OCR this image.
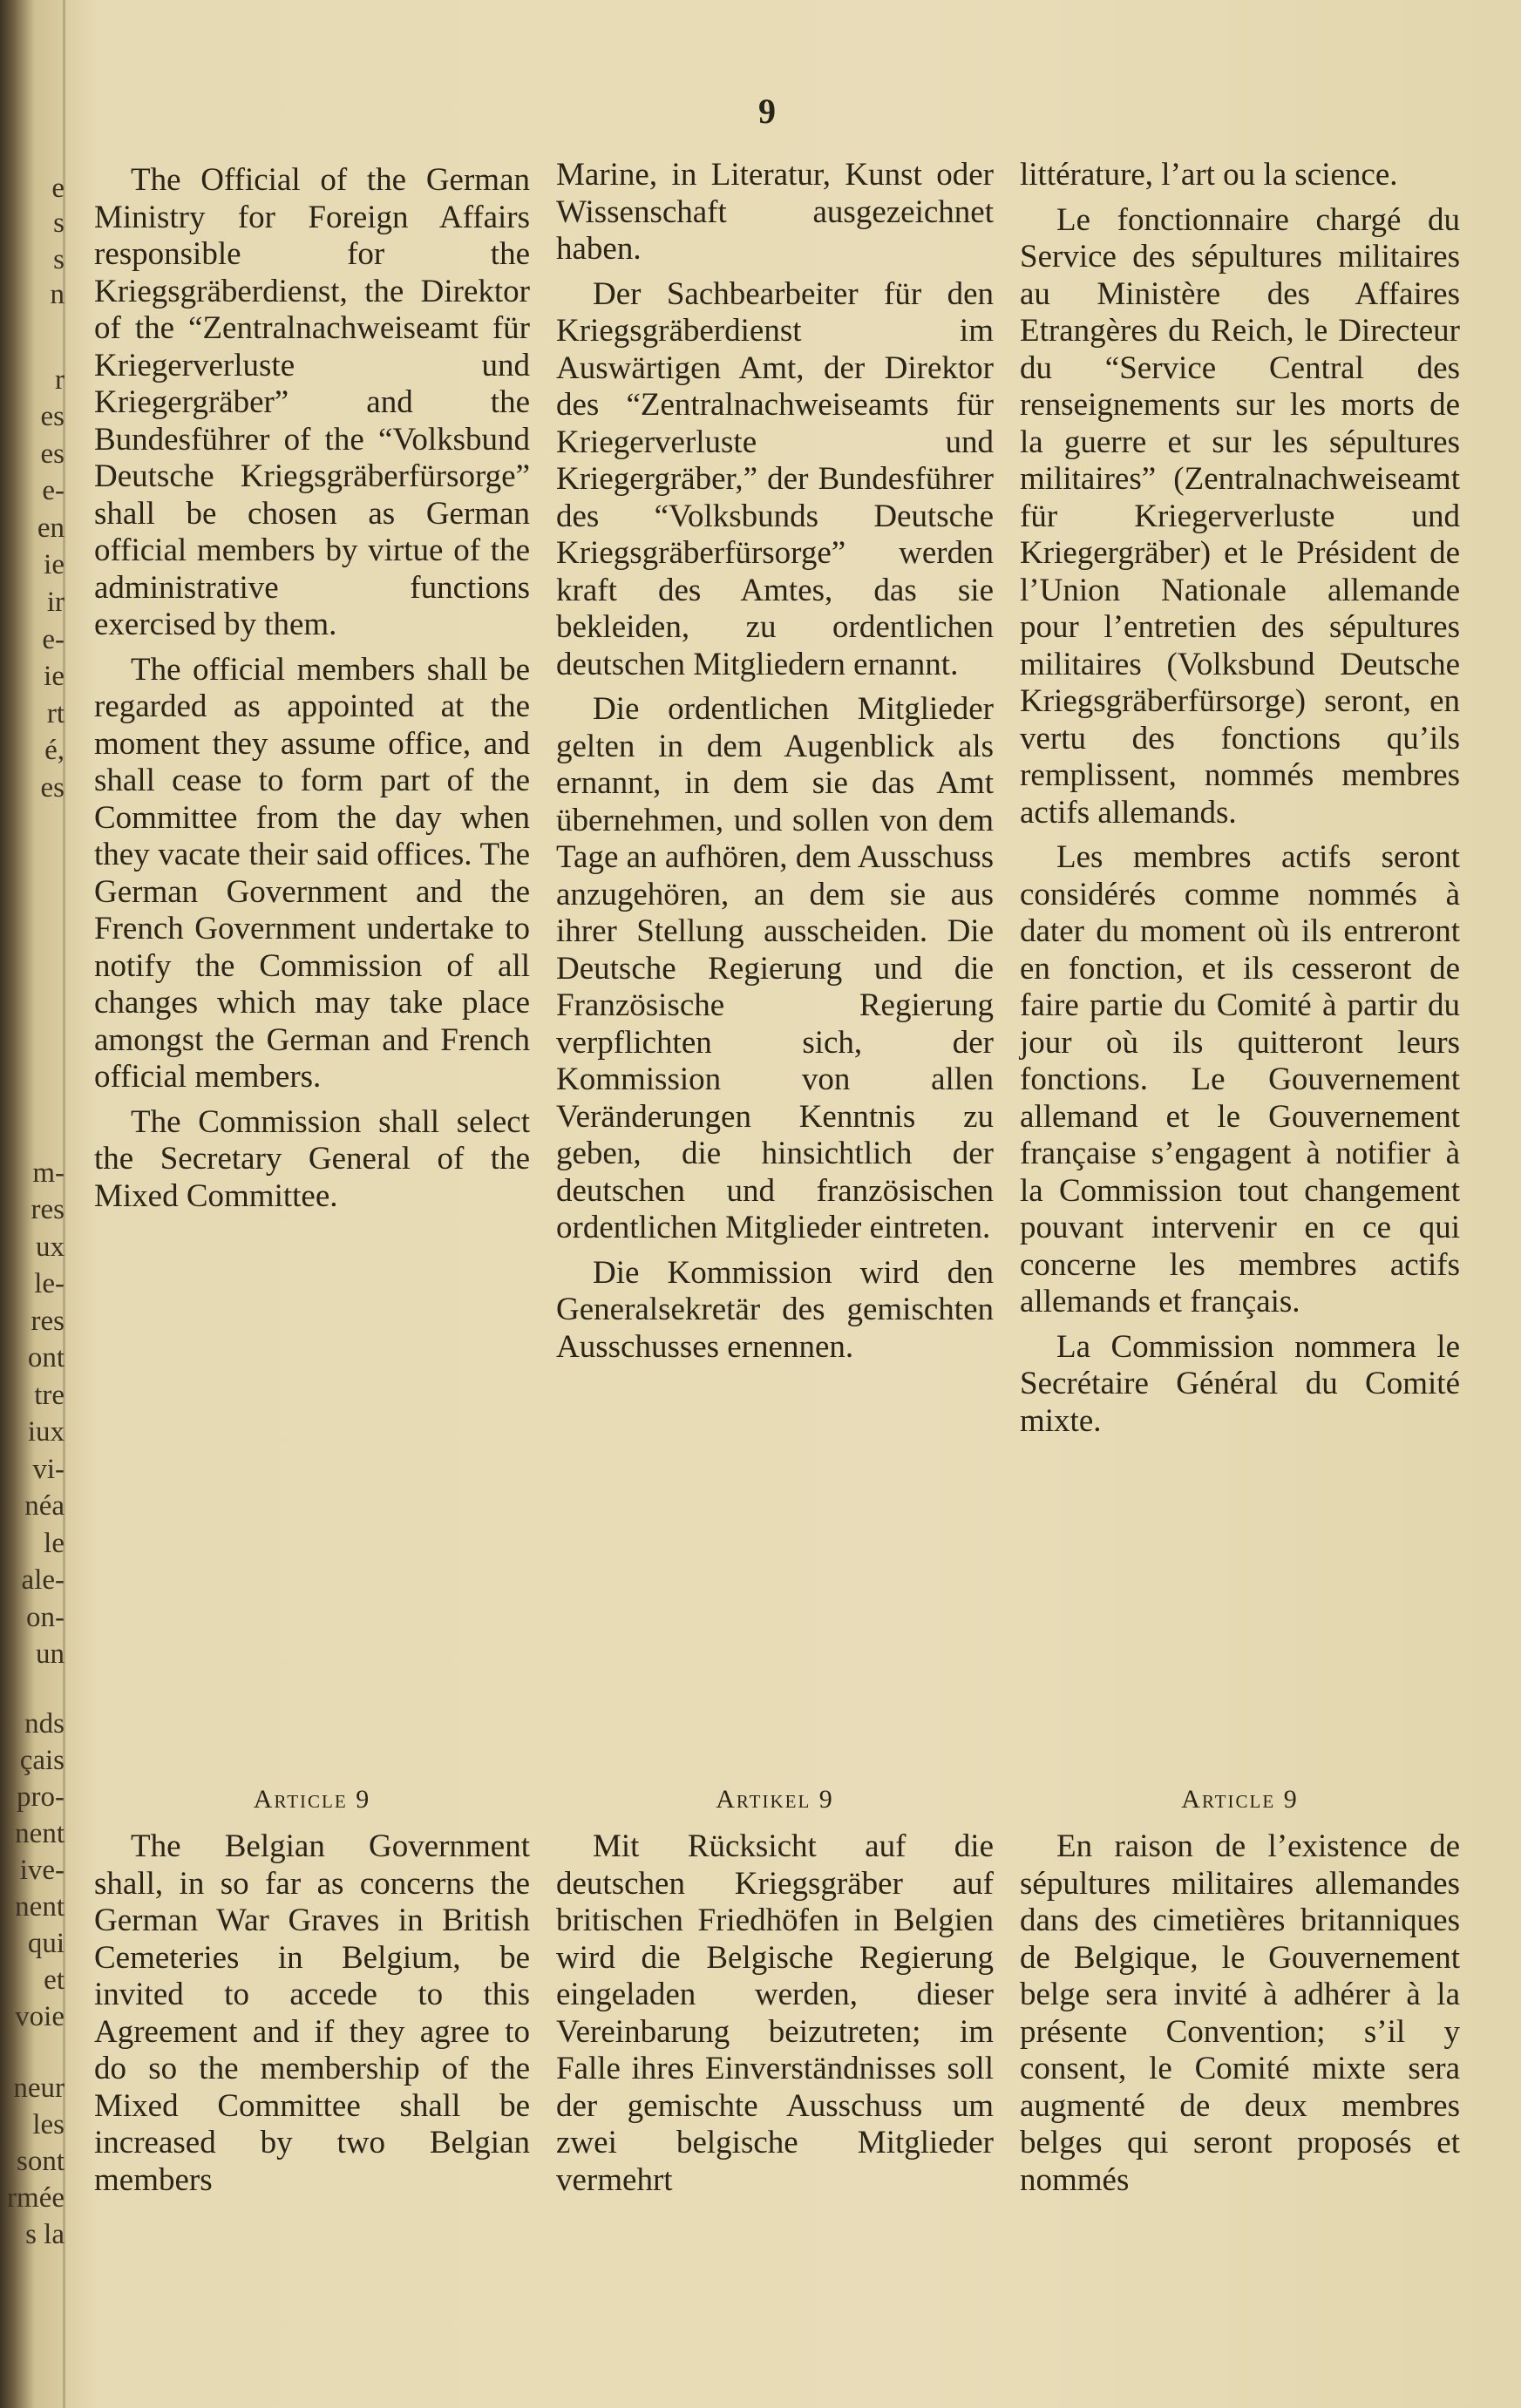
e
s
s
n
r
es
es
e-
en
ie
ir
e-
ie
rt
é,
es
m-
res
ux
le-
res
ont
tre
iux
vi-
néa
le
ale-
on-
un
nds
çais
pro-
nent
ive-
nent
qui
et
voie
neur
les
sont
rmée
s la
9

The Official of the German Ministry for Foreign Affairs responsible for the Kriegsgräberdienst, the Direktor of the “Zentralnachweiseamt für Kriegerverluste und Kriegergräber” and the Bundesführer of the “Volksbund Deutsche Kriegsgräberfürsorge” shall be chosen as German official members by virtue of the administrative functions exercised by them.

The official members shall be regarded as appointed at the moment they assume office, and shall cease to form part of the Committee from the day when they vacate their said offices. The German Government and the French Government undertake to notify the Commission of all changes which may take place amongst the German and French official members.

The Commission shall select the Secretary General of the Mixed Committee.

Marine, in Literatur, Kunst oder Wissenschaft ausgezeichnet haben.

Der Sachbearbeiter für den Kriegsgräberdienst im Auswärtigen Amt, der Direktor des “Zentralnachweiseamts für Kriegerverluste und Kriegergräber,” der Bundesführer des “Volksbunds Deutsche Kriegsgräberfürsorge” werden kraft des Amtes, das sie bekleiden, zu ordentlichen deutschen Mitgliedern ernannt.

Die ordentlichen Mitglieder gelten in dem Augenblick als ernannt, in dem sie das Amt übernehmen, und sollen von dem Tage an aufhören, dem Ausschuss anzugehören, an dem sie aus ihrer Stellung ausscheiden. Die Deutsche Regierung und die Französische Regierung verpflichten sich, der Kommission von allen Veränderungen Kenntnis zu geben, die hinsichtlich der deutschen und französischen ordentlichen Mitglieder eintreten.

Die Kommission wird den Generalsekretär des gemischten Ausschusses ernennen.

littérature, l’art ou la science.

Le fonctionnaire chargé du Service des sépultures militaires au Ministère des Affaires Etrangères du Reich, le Directeur du “Service Central des renseignements sur les morts de la guerre et sur les sépultures militaires” (Zentralnachweiseamt für Kriegerverluste und Kriegergräber) et le Président de l’Union Nationale allemande pour l’entretien des sépultures militaires (Volksbund Deutsche Kriegsgräberfürsorge) seront, en vertu des fonctions qu’ils remplissent, nommés membres actifs allemands.

Les membres actifs seront considérés comme nommés à dater du moment où ils entreront en fonction, et ils cesseront de faire partie du Comité à partir du jour où ils quitteront leurs fonctions. Le Gouvernement allemand et le Gouvernement française s’engagent à notifier à la Commission tout changement pouvant intervenir en ce qui concerne les membres actifs allemands et français.

La Commission nommera le Secrétaire Général du Comité mixte.

Article 9	Artikel 9	Article 9

The Belgian Government shall, in so far as concerns the German War Graves in British Cemeteries in Belgium, be invited to accede to this Agreement and if they agree to do so the membership of the Mixed Committee shall be increased by two Belgian members

Mit Rücksicht auf die deutschen Kriegsgräber auf britischen Friedhöfen in Belgien wird die Belgische Regierung eingeladen werden, dieser Vereinbarung beizutreten; im Falle ihres Einverständnisses soll der gemischte Ausschuss um zwei belgische Mitglieder vermehrt

En raison de l’existence de sépultures militaires allemandes dans des cimetières britanniques de Belgique, le Gouvernement belge sera invité à adhérer à la présente Convention; s’il y consent, le Comité mixte sera augmenté de deux membres belges qui seront proposés et nommés
